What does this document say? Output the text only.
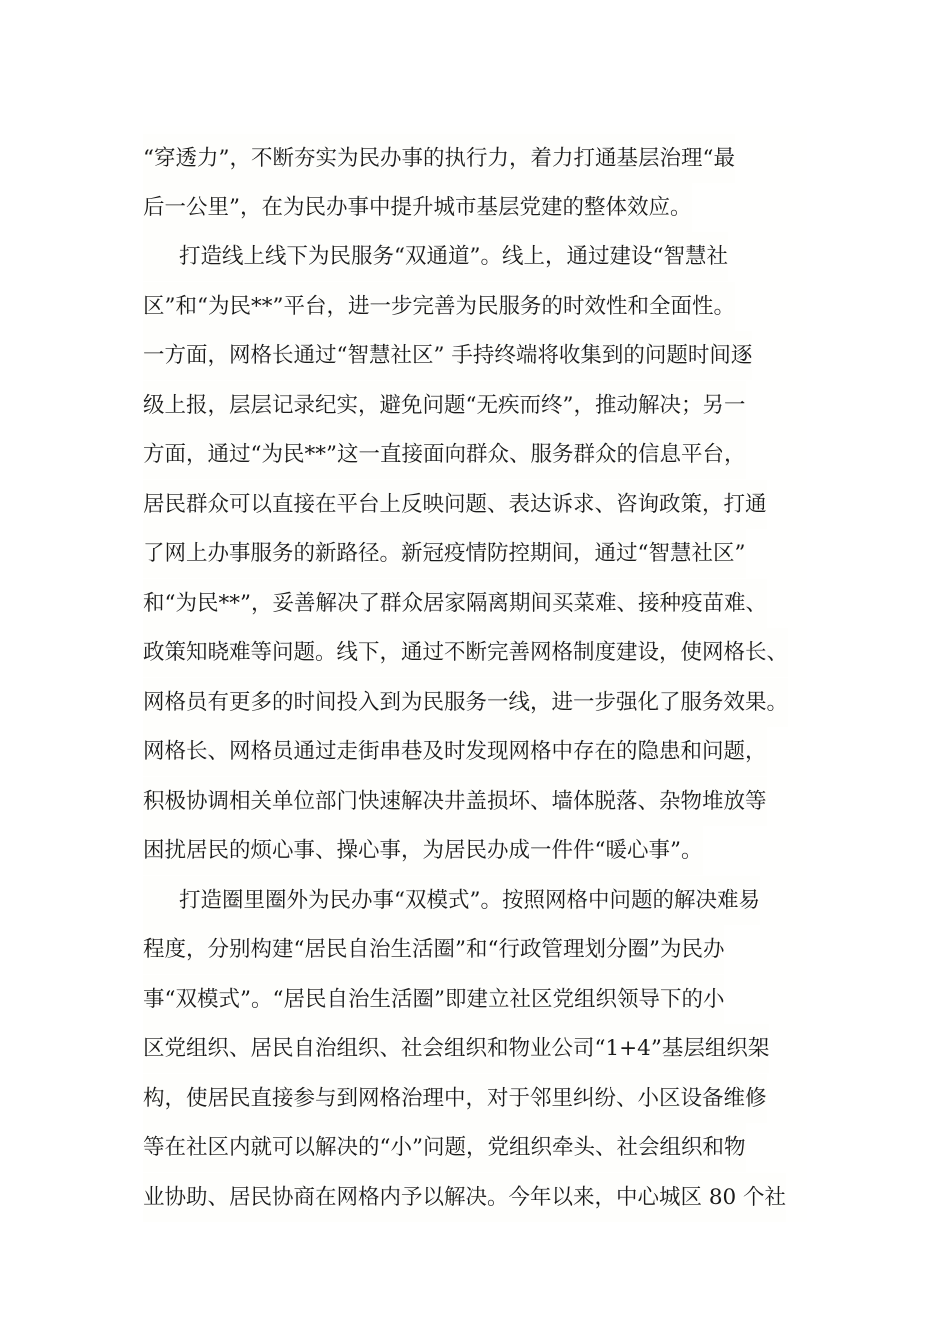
“穿透力”，不断夯实为民办事的执行力，着力打通基层治理“最
后一公里”，在为民办事中提升城市基层党建的整体效应。
打造线上线下为民服务“双通道”。线上，通过建设“智慧社
区”和“为民**”平台，进一步完善为民服务的时效性和全面性。
一方面，网格长通过“智慧社区” 手持终端将收集到的问题时间逐
级上报，层层记录纪实，避免问题“无疾而终”，推动解决；另一
方面，通过“为民**”这一直接面向群众、服务群众的信息平台，
居民群众可以直接在平台上反映问题、表达诉求、咨询政策，打通
了网上办事服务的新路径。新冠疫情防控期间，通过“智慧社区”
和“为民**”，妥善解决了群众居家隔离期间买菜难、接种疫苗难、
政策知晓难等问题。线下，通过不断完善网格制度建设，使网格长、
网格员有更多的时间投入到为民服务一线，进一步强化了服务效果。
网格长、网格员通过走街串巷及时发现网格中存在的隐患和问题，
积极协调相关单位部门快速解决井盖损坏、墙体脱落、杂物堆放等
困扰居民的烦心事、操心事，为居民办成一件件“暖心事”。
打造圈里圈外为民办事“双模式”。按照网格中问题的解决难易
程度，分别构建“居民自治生活圈”和“行政管理划分圈”为民办
事“双模式”。“居民自治生活圈”即建立社区党组织领导下的小
区党组织、居民自治组织、社会组织和物业公司“1+4”基层组织架
构，使居民直接参与到网格治理中，对于邻里纠纷、小区设备维修
等在社区内就可以解决的“小”问题，党组织牵头、社会组织和物
业协助、居民协商在网格内予以解决。今年以来，中心城区 80 个社
